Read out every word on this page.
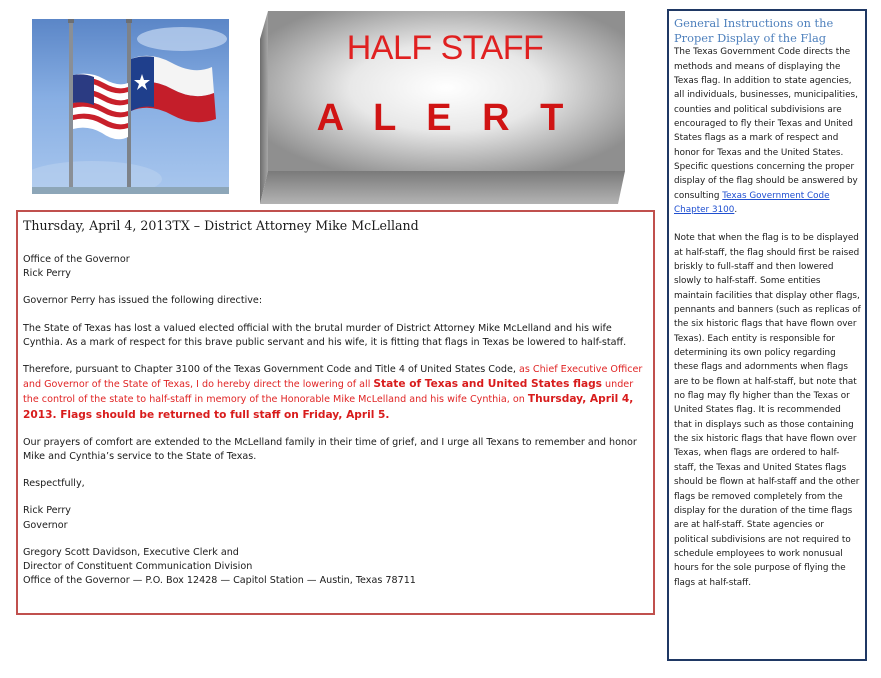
HALF STAFF
A L E R T
Thursday, April 4, 2013TX – District Attorney Mike McLelland

Office of the Governor
Rick Perry

Governor Perry has issued the following directive:

The State of Texas has lost a valued elected official with the brutal murder of District Attorney Mike McLelland and his wife Cynthia. As a mark of respect for this brave public servant and his wife, it is fitting that flags in Texas be lowered to half-staff.

Therefore, pursuant to Chapter 3100 of the Texas Government Code and Title 4 of United States Code, as Chief Executive Officer and Governor of the State of Texas, I do hereby direct the lowering of all State of Texas and United States flags under the control of the state to half-staff in memory of the Honorable Mike McLelland and his wife Cynthia, on Thursday, April 4, 2013. Flags should be returned to full staff on Friday, April 5.

Our prayers of comfort are extended to the McLelland family in their time of grief, and I urge all Texans to remember and honor Mike and Cynthia’s service to the State of Texas.

Respectfully,

Rick Perry
Governor

Gregory Scott Davidson, Executive Clerk and
Director of Constituent Communication Division
Office of the Governor — P.O. Box 12428 — Capitol Station — Austin, Texas 78711

General Instructions on the Proper Display of the Flag

The Texas Government Code directs the methods and means of displaying the Texas flag. In addition to state agencies, all individuals, businesses, municipalities, counties and political subdivisions are encouraged to fly their Texas and United States flags as a mark of respect and honor for Texas and the United States. Specific questions concerning the proper display of the flag should be answered by consulting Texas Government Code Chapter 3100.

Note that when the flag is to be displayed at half-staff, the flag should first be raised briskly to full-staff and then lowered slowly to half-staff. Some entities maintain facilities that display other flags, pennants and banners (such as replicas of the six historic flags that have flown over Texas). Each entity is responsible for determining its own policy regarding these flags and adornments when flags are to be flown at half-staff, but note that no flag may fly higher than the Texas or United States flag. It is recommended that in displays such as those containing the six historic flags that have flown over Texas, when flags are ordered to half-staff, the Texas and United States flags should be flown at half-staff and the other flags be removed completely from the display for the duration of the time flags are at half-staff. State agencies or political subdivisions are not required to schedule employees to work nonusual hours for the sole purpose of flying the flags at half-staff.
